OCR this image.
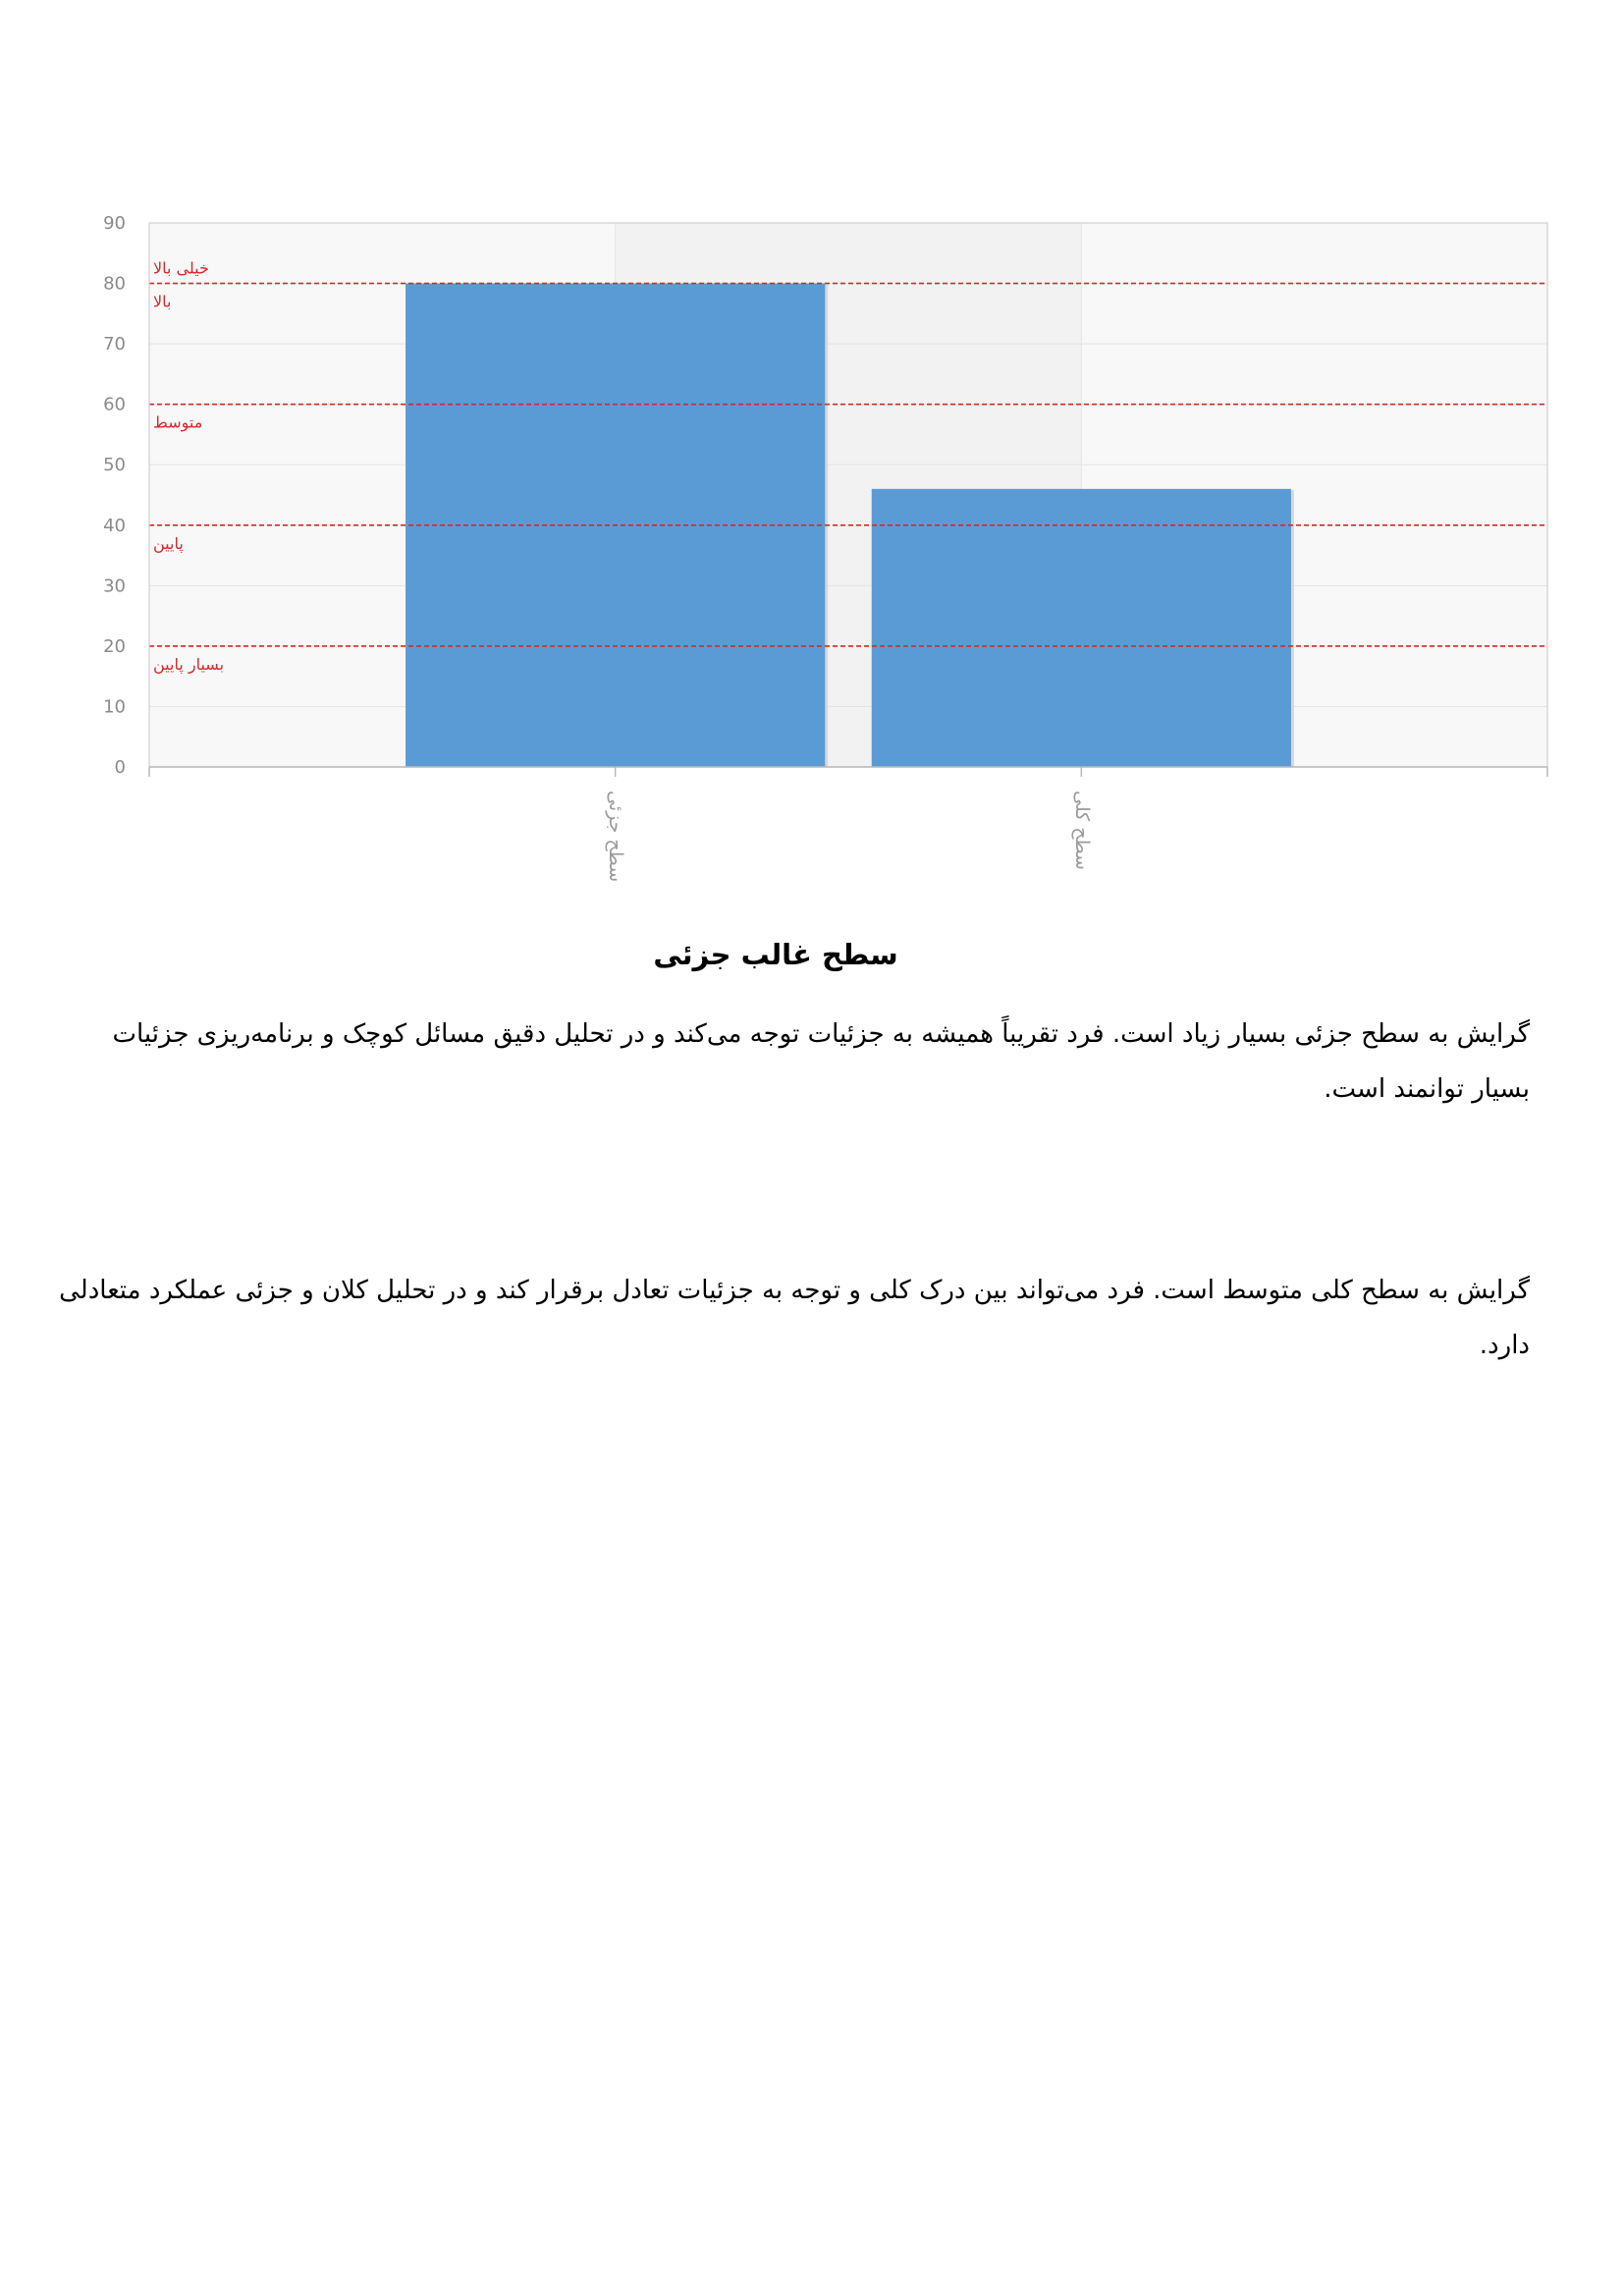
خیلی بالا
بالا
متوسط
پایین
بسیار پایین
0
10
20
30
40
50
60
70
80
90
سطح جزئی	سطح کلی
سطح غالب جزئی

گرایش به سطح جزئی بسیار زیاد است. فرد تقریباً همیشه به جزئیات توجه می‌کند و در تحلیل دقیق مسائل کوچک و برنامه‌ریزی جزئیات بسیار توانمند است.

گرایش به سطح کلی متوسط است. فرد می‌تواند بین درک کلی و توجه به جزئیات تعادل برقرار کند و در تحلیل کلان و جزئی عملکرد متعادلی دارد.
